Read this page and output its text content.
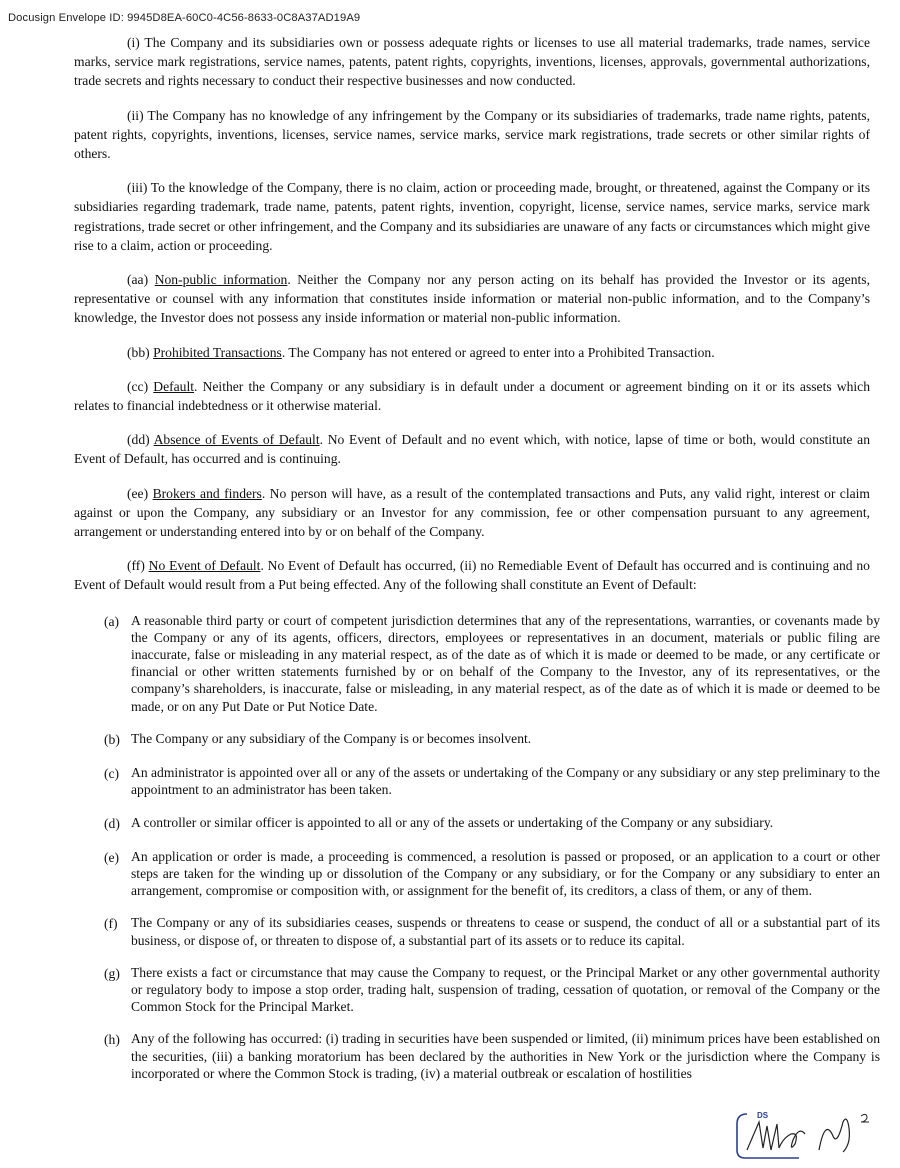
Docusign Envelope ID: 9945D8EA-60C0-4C56-8633-0C8A37AD19A9

(i) The Company and its subsidiaries own or possess adequate rights or licenses to use all material trademarks, trade names, service marks, service mark registrations, service names, patents, patent rights, copyrights, inventions, licenses, approvals, governmental authorizations, trade secrets and rights necessary to conduct their respective businesses and now conducted.

(ii) The Company has no knowledge of any infringement by the Company or its subsidiaries of trademarks, trade name rights, patents, patent rights, copyrights, inventions, licenses, service names, service marks, service mark registrations, trade secrets or other similar rights of others.

(iii) To the knowledge of the Company, there is no claim, action or proceeding made, brought, or threatened, against the Company or its subsidiaries regarding trademark, trade name, patents, patent rights, invention, copyright, license, service names, service marks, service mark registrations, trade secret or other infringement, and the Company and its subsidiaries are unaware of any facts or circumstances which might give rise to a claim, action or proceeding.

(aa) Non-public information. Neither the Company nor any person acting on its behalf has provided the Investor or its agents, representative or counsel with any information that constitutes inside information or material non-public information, and to the Company’s knowledge, the Investor does not possess any inside information or material non-public information.

(bb) Prohibited Transactions. The Company has not entered or agreed to enter into a Prohibited Transaction.

(cc) Default. Neither the Company or any subsidiary is in default under a document or agreement binding on it or its assets which relates to financial indebtedness or it otherwise material.

(dd) Absence of Events of Default. No Event of Default and no event which, with notice, lapse of time or both, would constitute an Event of Default, has occurred and is continuing.

(ee) Brokers and finders. No person will have, as a result of the contemplated transactions and Puts, any valid right, interest or claim against or upon the Company, any subsidiary or an Investor for any commission, fee or other compensation pursuant to any agreement, arrangement or understanding entered into by or on behalf of the Company.

(ff) No Event of Default. No Event of Default has occurred, (ii) no Remediable Event of Default has occurred and is continuing and no Event of Default would result from a Put being effected. Any of the following shall constitute an Event of Default:

(a) A reasonable third party or court of competent jurisdiction determines that any of the representations, warranties, or covenants made by the Company or any of its agents, officers, directors, employees or representatives in an document, materials or public filing are inaccurate, false or misleading in any material respect, as of the date as of which it is made or deemed to be made, or any certificate or financial or other written statements furnished by or on behalf of the Company to the Investor, any of its representatives, or the company’s shareholders, is inaccurate, false or misleading, in any material respect, as of the date as of which it is made or deemed to be made, or on any Put Date or Put Notice Date.
(b) The Company or any subsidiary of the Company is or becomes insolvent.
(c) An administrator is appointed over all or any of the assets or undertaking of the Company or any subsidiary or any step preliminary to the appointment to an administrator has been taken.
(d) A controller or similar officer is appointed to all or any of the assets or undertaking of the Company or any subsidiary.
(e) An application or order is made, a proceeding is commenced, a resolution is passed or proposed, or an application to a court or other steps are taken for the winding up or dissolution of the Company or any subsidiary, or for the Company or any subsidiary to enter an arrangement, compromise or composition with, or assignment for the benefit of, its creditors, a class of them, or any of them.
(f) The Company or any of its subsidiaries ceases, suspends or threatens to cease or suspend, the conduct of all or a substantial part of its business, or dispose of, or threaten to dispose of, a substantial part of its assets or to reduce its capital.
(g) There exists a fact or circumstance that may cause the Company to request, or the Principal Market or any other governmental authority or regulatory body to impose a stop order, trading halt, suspension of trading, cessation of quotation, or removal of the Company or the Common Stock for the Principal Market.
(h) Any of the following has occurred: (i) trading in securities have been suspended or limited, (ii) minimum prices have been established on the securities, (iii) a banking moratorium has been declared by the authorities in New York or the jurisdiction where the Company is incorporated or where the Common Stock is trading, (iv) a material outbreak or escalation of hostilities
DS
